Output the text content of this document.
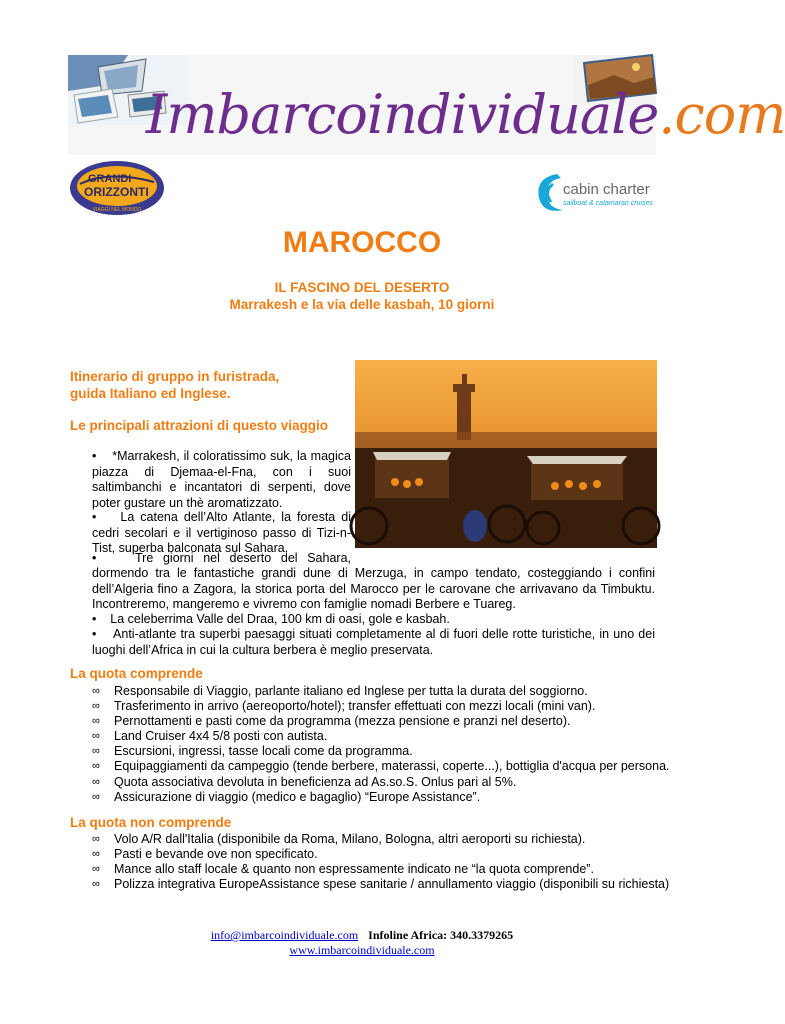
Imbarcoindividuale.com
GRANDI
ORIZZONTI
VIAGGI NEL MONDO
cabin charter
sailboat & catamaran cruises
MAROCCO
IL FASCINO DEL DESERTO
Marrakesh e la via delle kasbah, 10 giorni
Itinerario di gruppo in furistrada,
guida Italiano ed Inglese.
Le principali attrazioni di questo viaggio
•    *Marrakesh, il coloratissimo suk, la magica piazza di Djemaa-el-Fna, con i suoi saltimbanchi e incantatori di serpenti, dove poter gustare un thè aromatizzato.
•    La catena dell’Alto Atlante, la foresta di cedri secolari e il vertiginoso passo di Tizi-n-Tist, superba balconata sul Sahara.
•    Tre giorni nel deserto del Sahara,
dormendo tra le fantastiche grandi dune di Merzuga, in campo tendato, costeggiando i confini dell’Algeria fino a Zagora, la storica porta del Marocco per le carovane che arrivavano da Timbuktu. Incontreremo, mangeremo e vivremo con famiglie nomadi Berbere e Tuareg.
•    La celeberrima Valle del Draa, 100 km di oasi, gole e kasbah.
•    Anti-atlante tra superbi paesaggi situati completamente al di fuori delle rotte turistiche, in uno dei luoghi dell’Africa in cui la cultura berbera è meglio preservata.
La quota comprende
∞ Responsabile di Viaggio, parlante italiano ed Inglese per tutta la durata del soggiorno.
∞ Trasferimento in arrivo (aereoporto/hotel); transfer effettuati con mezzi locali (mini van).
∞ Pernottamenti e pasti come da programma (mezza pensione e pranzi nel deserto).
∞ Land Cruiser 4x4 5/8 posti con autista.
∞ Escursioni, ingressi, tasse locali come da programma.
∞ Equipaggiamenti da campeggio (tende berbere, materassi, coperte...), bottiglia d'acqua per persona.
∞ Quota associativa devoluta in beneficienza ad As.so.S. Onlus pari al 5%.
∞ Assicurazione di viaggio (medico e bagaglio) “Europe Assistance”.
La quota non comprende
∞ Volo A/R dall'Italia (disponibile da Roma, Milano, Bologna, altri aeroporti su richiesta).
∞ Pasti e bevande ove non specificato.
∞ Mance allo staff locale & quanto non espressamente indicato ne “la quota comprende”.
∞ Polizza integrativa EuropeAssistance spese sanitarie / annullamento viaggio (disponibili su richiesta)
info@imbarcoindividuale.com Infoline Africa: 340.3379265
www.imbarcoindividuale.com
